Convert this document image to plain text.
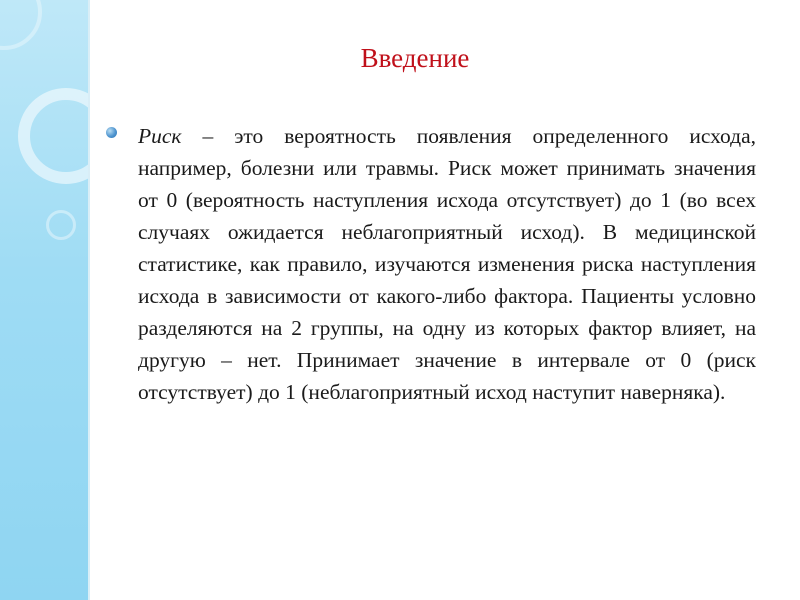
Введение

Риск – это вероятность появления определенного исхода, например, болезни или травмы. Риск может принимать значения от 0 (вероятность наступления исхода отсутствует) до 1 (во всех случаях ожидается неблагоприятный исход). В медицинской статистике, как правило, изучаются изменения риска наступления исхода в зависимости от какого-либо фактора. Пациенты условно разделяются на 2 группы, на одну из которых фактор влияет, на другую – нет. Принимает значение в интервале от 0 (риск отсутствует) до 1 (неблагоприятный исход наступит наверняка).
